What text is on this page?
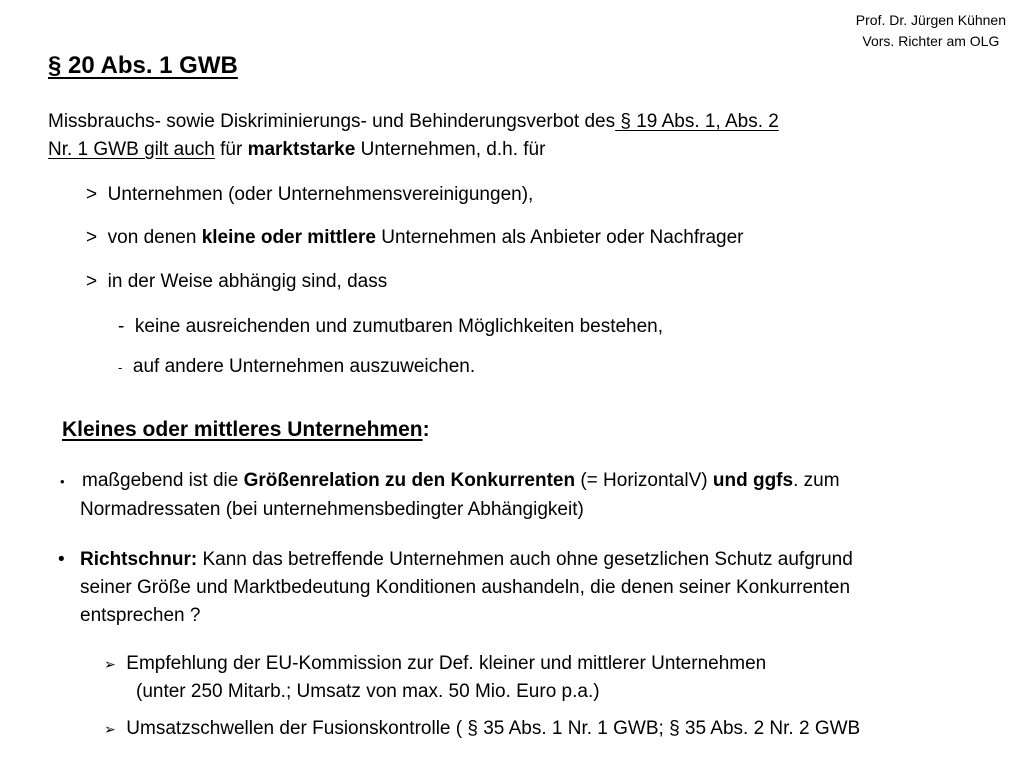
Prof. Dr. Jürgen Kühnen
Vors. Richter am OLG
§ 20 Abs. 1 GWB
Missbrauchs- sowie Diskriminierungs- und Behinderungsverbot des § 19 Abs. 1, Abs. 2
Nr. 1 GWB gilt auch für marktstarke Unternehmen, d.h. für
> Unternehmen (oder Unternehmensvereinigungen),
> von denen kleine oder mittlere Unternehmen als Anbieter oder Nachfrager
> in der Weise abhängig sind, dass
- keine ausreichenden und zumutbaren Möglichkeiten bestehen,
- auf andere Unternehmen auszuweichen.
Kleines oder mittleres Unternehmen:
• maßgebend ist die Größenrelation zu den Konkurrenten (= HorizontalV) und ggfs. zum
Normadressaten (bei unternehmensbedingter Abhängigkeit)
• Richtschnur: Kann das betreffende Unternehmen auch ohne gesetzlichen Schutz aufgrund
seiner Größe und Marktbedeutung Konditionen aushandeln, die denen seiner Konkurrenten
entsprechen ?
➢ Empfehlung der EU-Kommission zur Def. kleiner und mittlerer Unternehmen
(unter 250 Mitarb.; Umsatz von max. 50 Mio. Euro p.a.)
➢ Umsatzschwellen der Fusionskontrolle ( § 35 Abs. 1 Nr. 1 GWB; § 35 Abs. 2 Nr. 2 GWB
